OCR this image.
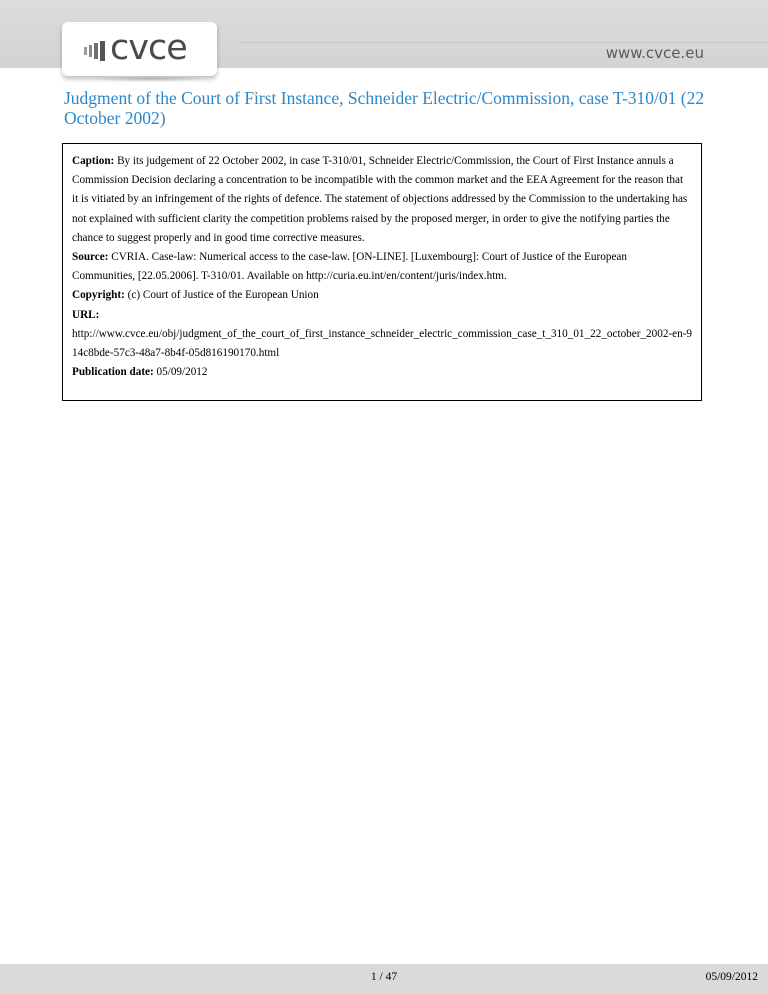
cvce	www.cvce.eu
Judgment of the Court of First Instance, Schneider Electric/Commission, case T-310/01 (22 October 2002)

Caption: By its judgement of 22 October 2002, in case T-310/01, Schneider Electric/Commission, the Court of First Instance annuls a Commission Decision declaring a concentration to be incompatible with the common market and the EEA Agreement for the reason that it is vitiated by an infringement of the rights of defence. The statement of objections addressed by the Commission to the undertaking has not explained with sufficient clarity the competition problems raised by the proposed merger, in order to give the notifying parties the chance to suggest properly and in good time corrective measures.

Source: CVRIA. Case-law: Numerical access to the case-law. [ON-LINE]. [Luxembourg]: Court of Justice of the European Communities, [22.05.2006]. T-310/01. Available on http://curia.eu.int/en/content/juris/index.htm.

Copyright: (c) Court of Justice of the European Union

URL:

http://www.cvce.eu/obj/judgment_of_the_court_of_first_instance_schneider_electric_commission_case_t_310_01_22_october_2002-en-914c8bde-57c3-48a7-8b4f-05d816190170.html

Publication date: 05/09/2012

1 / 47	05/09/2012
